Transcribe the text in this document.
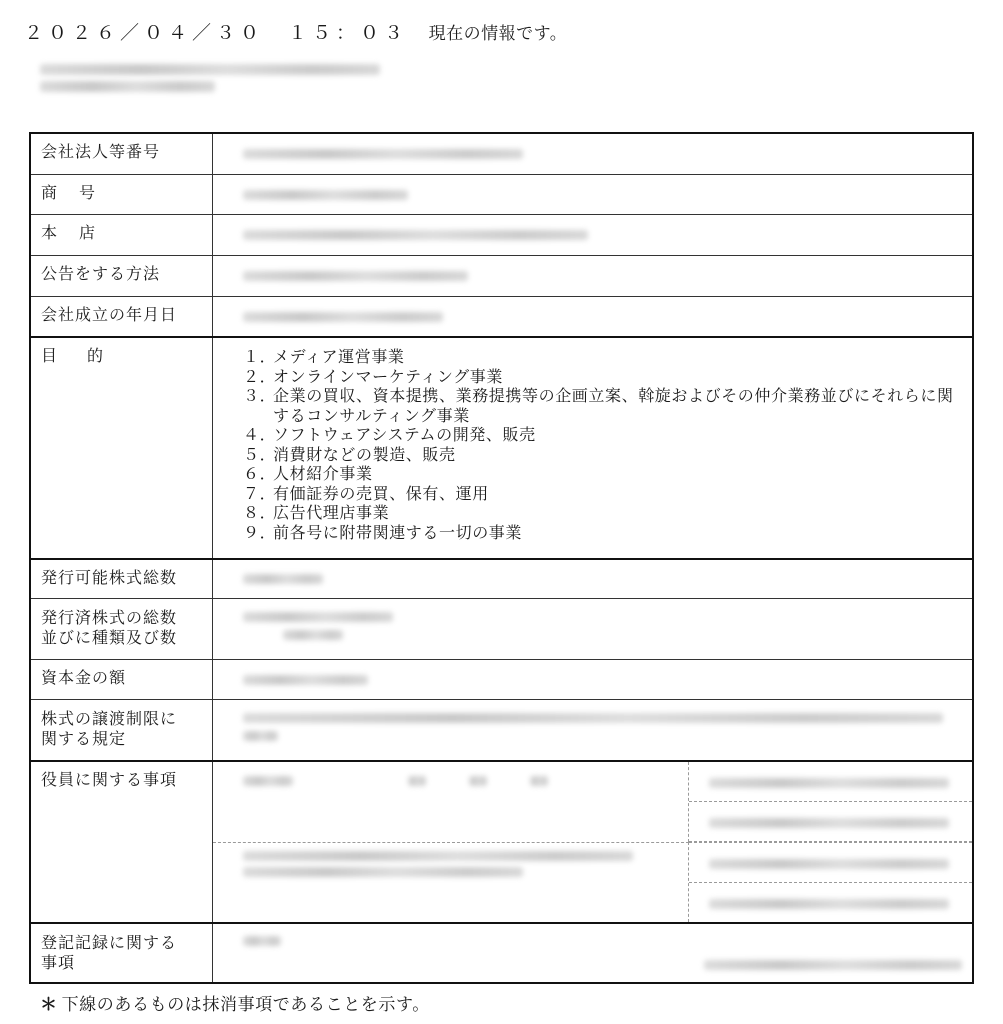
２０２６／０４／３０　１５：０３ 現在の情報です。
会社法人等番号
商号
本店
公告をする方法
会社成立の年月日
目的	１．
メディア運営事業
２．
オンラインマーケティング事業
３．
企業の買収、資本提携、業務提携等の企画立案、斡旋およびその仲介業務並びにそれらに関するコンサルティング事業
４．
ソフトウェアシステムの開発、販売
５．
消費財などの製造、販売
６．
人材紹介事業
７．
有価証券の売買、保有、運用
８．
広告代理店事業
９．
前各号に附帯関連する一切の事業
発行可能株式総数
発行済株式の総数
並びに種類及び数
資本金の額
株式の譲渡制限に
関する規定
役員に関する事項

登記記録に関する
事項
＊ 下線のあるものは抹消事項であることを示す。
